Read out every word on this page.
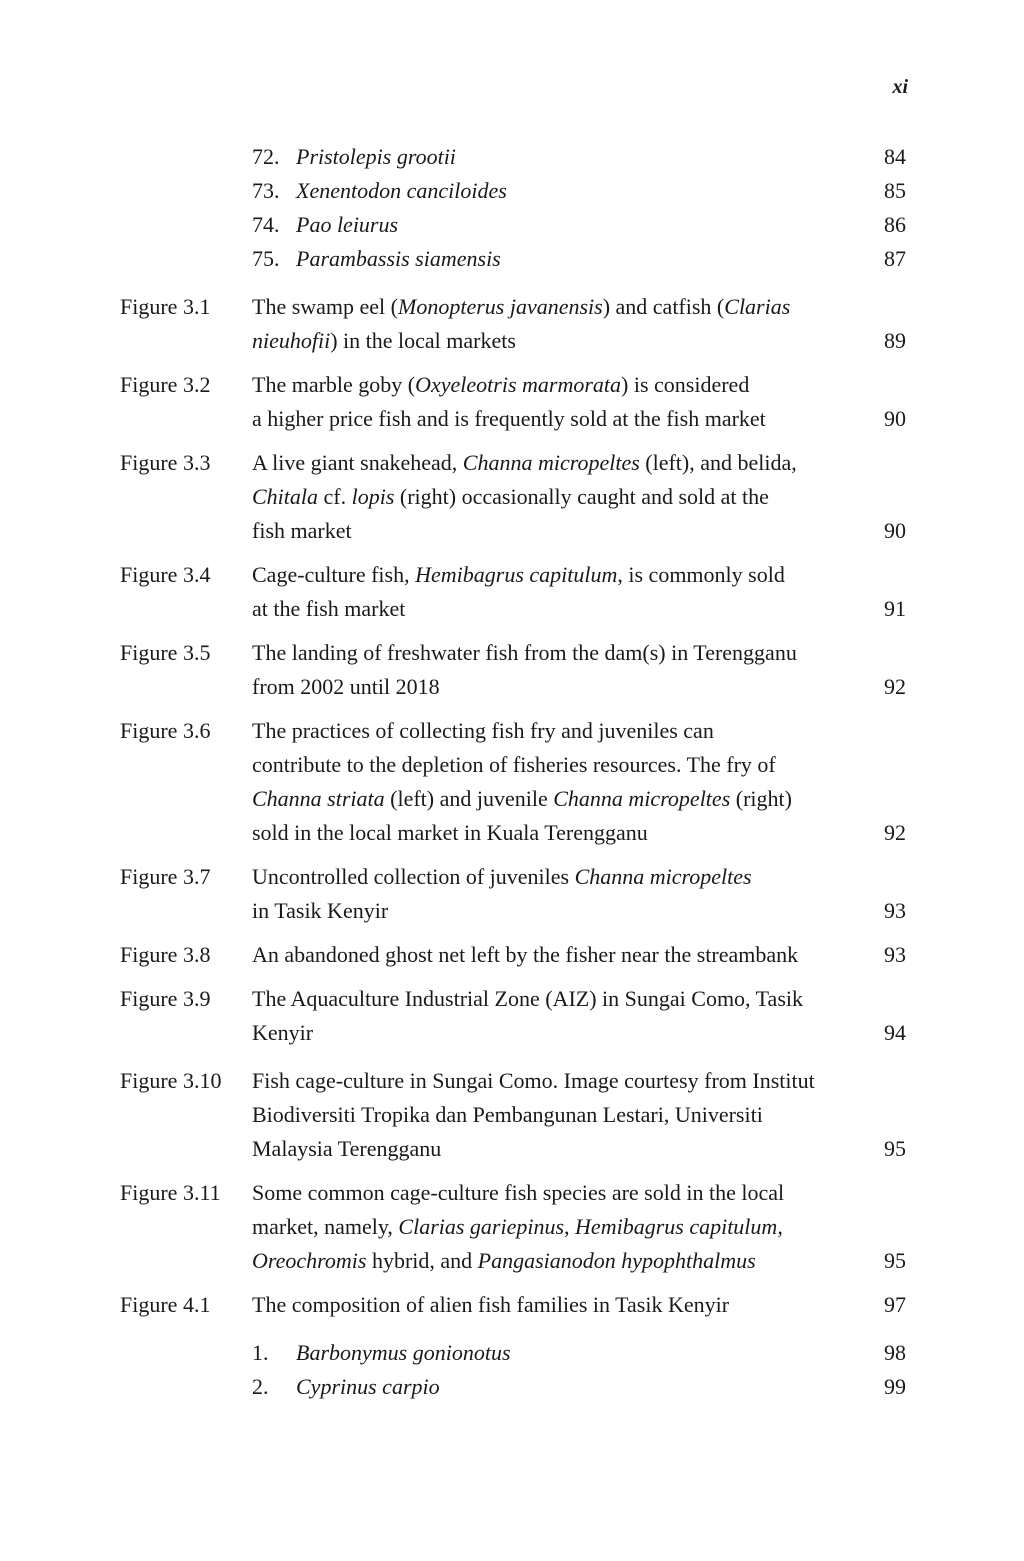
xi
72. Pristolepis grootii	84
73. Xenentodon canciloides	85
74. Pao leiurus	86
75. Parambassis siamensis	87
Figure 3.1	The swamp eel (Monopterus javanensis) and catfish (Clarias
nieuhofii) in the local markets	89
Figure 3.2	The marble goby (Oxyeleotris marmorata) is considered
a higher price fish and is frequently sold at the fish market	90
Figure 3.3	A live giant snakehead, Channa micropeltes (left), and belida,
Chitala cf. lopis (right) occasionally caught and sold at the
fish market	90
Figure 3.4	Cage-culture fish, Hemibagrus capitulum, is commonly sold
at the fish market	91
Figure 3.5	The landing of freshwater fish from the dam(s) in Terengganu
from 2002 until 2018	92
Figure 3.6	The practices of collecting fish fry and juveniles can
contribute to the depletion of fisheries resources. The fry of
Channa striata (left) and juvenile Channa micropeltes (right)
sold in the local market in Kuala Terengganu	92
Figure 3.7	Uncontrolled collection of juveniles Channa micropeltes
in Tasik Kenyir	93
Figure 3.8	An abandoned ghost net left by the fisher near the streambank	93
Figure 3.9	The Aquaculture Industrial Zone (AIZ) in Sungai Como, Tasik
Kenyir	94
Figure 3.10	Fish cage-culture in Sungai Como. Image courtesy from Institut
Biodiversiti Tropika dan Pembangunan Lestari, Universiti
Malaysia Terengganu	95
Figure 3.11	Some common cage-culture fish species are sold in the local
market, namely, Clarias gariepinus, Hemibagrus capitulum,
Oreochromis hybrid, and Pangasianodon hypophthalmus	95
Figure 4.1	The composition of alien fish families in Tasik Kenyir	97
1. Barbonymus gonionotus	98
2. Cyprinus carpio	99
